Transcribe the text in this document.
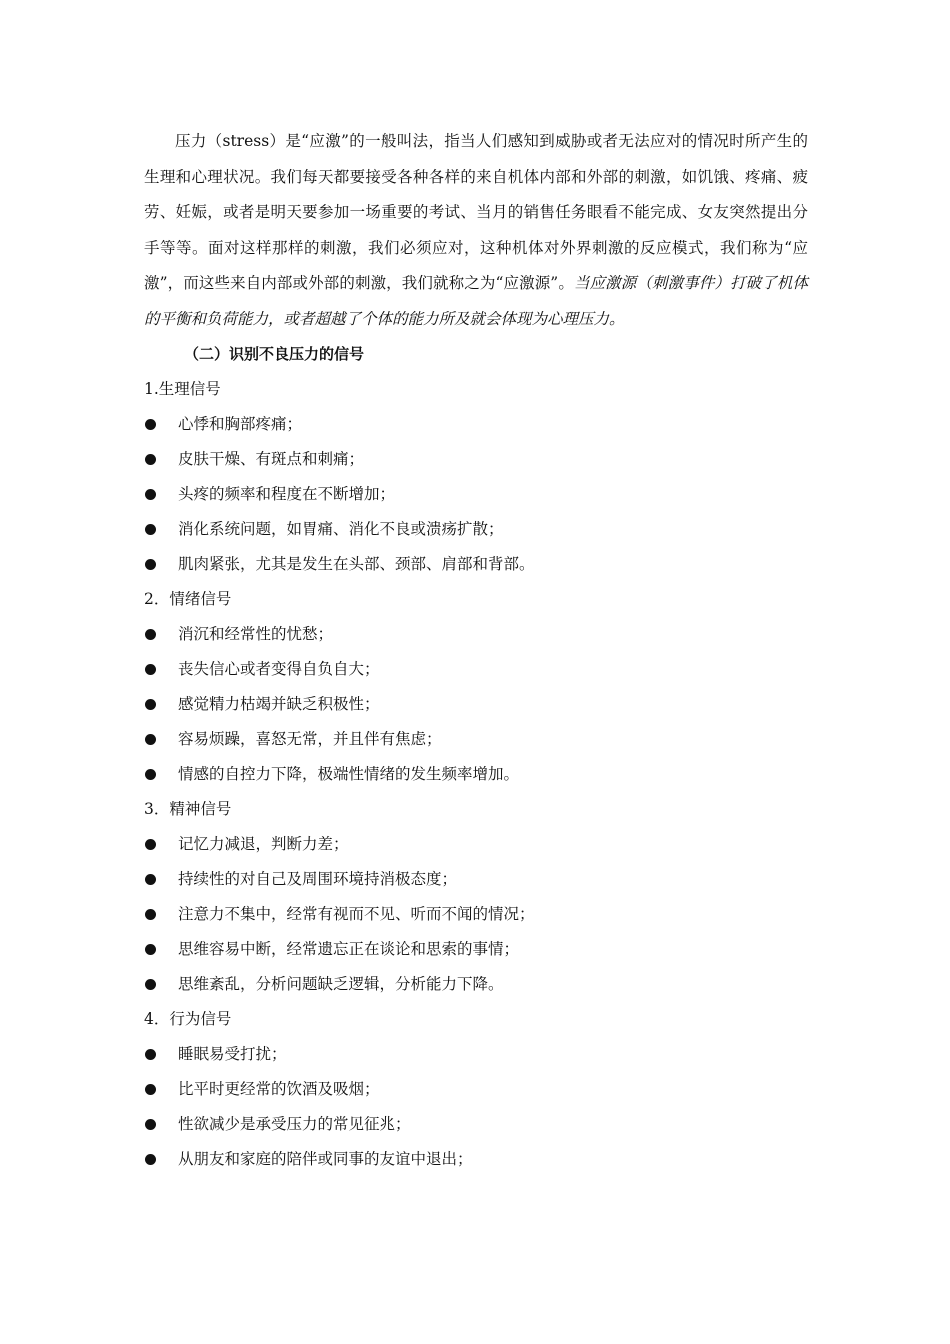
压力（stress）是“应激”的一般叫法，指当人们感知到威胁或者无法应对的情况时所产生的生理和心理状况。我们每天都要接受各种各样的来自机体内部和外部的刺激，如饥饿、疼痛、疲劳、妊娠，或者是明天要参加一场重要的考试、当月的销售任务眼看不能完成、女友突然提出分手等等。面对这样那样的刺激，我们必须应对，这种机体对外界刺激的反应模式，我们称为“应激”，而这些来自内部或外部的刺激，我们就称之为“应激源”。当应激源（刺激事件）打破了机体的平衡和负荷能力，或者超越了个体的能力所及就会体现为心理压力。

（二）识别不良压力的信号
1.生理信号
心悸和胸部疼痛；
皮肤干燥、有斑点和刺痛；
头疼的频率和程度在不断增加；
消化系统问题，如胃痛、消化不良或溃疡扩散；
肌肉紧张，尤其是发生在头部、颈部、肩部和背部。
2．情绪信号
消沉和经常性的忧愁；
丧失信心或者变得自负自大；
感觉精力枯竭并缺乏积极性；
容易烦躁，喜怒无常，并且伴有焦虑；
情感的自控力下降，极端性情绪的发生频率增加。
3．精神信号
记忆力减退，判断力差；
持续性的对自己及周围环境持消极态度；
注意力不集中，经常有视而不见、听而不闻的情况；
思维容易中断，经常遗忘正在谈论和思索的事情；
思维紊乱，分析问题缺乏逻辑，分析能力下降。
4．行为信号
睡眠易受打扰；
比平时更经常的饮酒及吸烟；
性欲减少是承受压力的常见征兆；
从朋友和家庭的陪伴或同事的友谊中退出；
